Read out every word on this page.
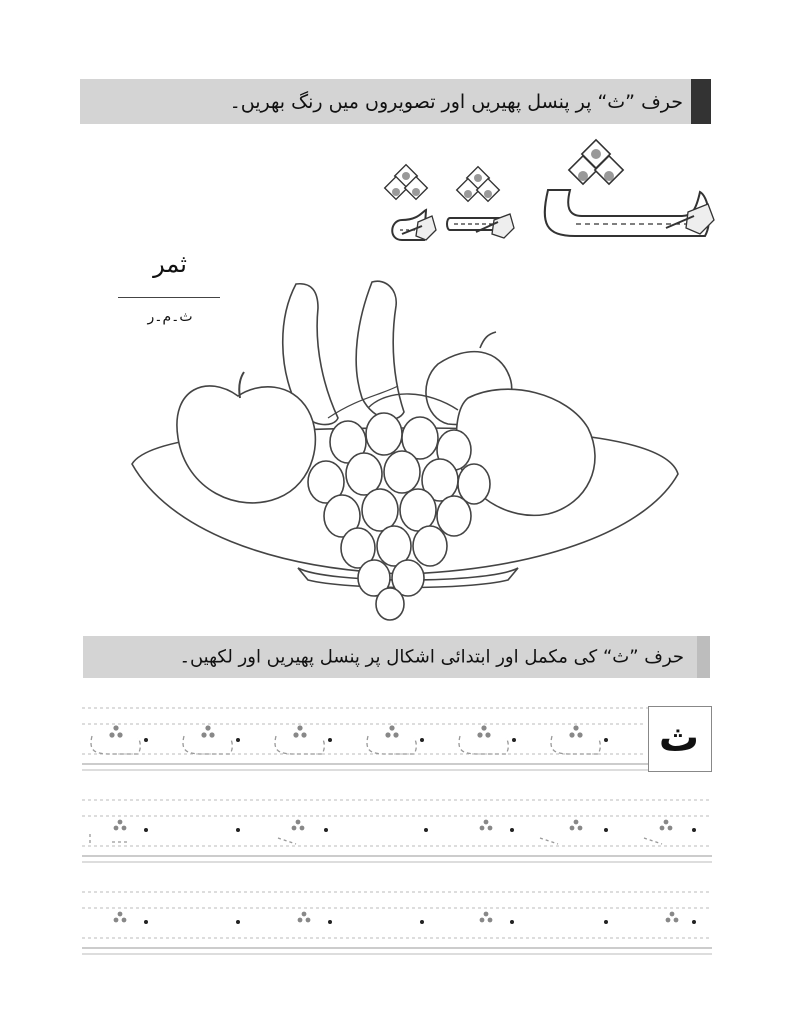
حرف ”ث“ پر پنسل پھیریں اور تصویروں میں رنگ بھریں۔
ثمر
ث۔م۔ر
حرف ”ث“ کی مکمل اور ابتدائی اشکال پر پنسل پھیریں اور لکھیں۔
ث
